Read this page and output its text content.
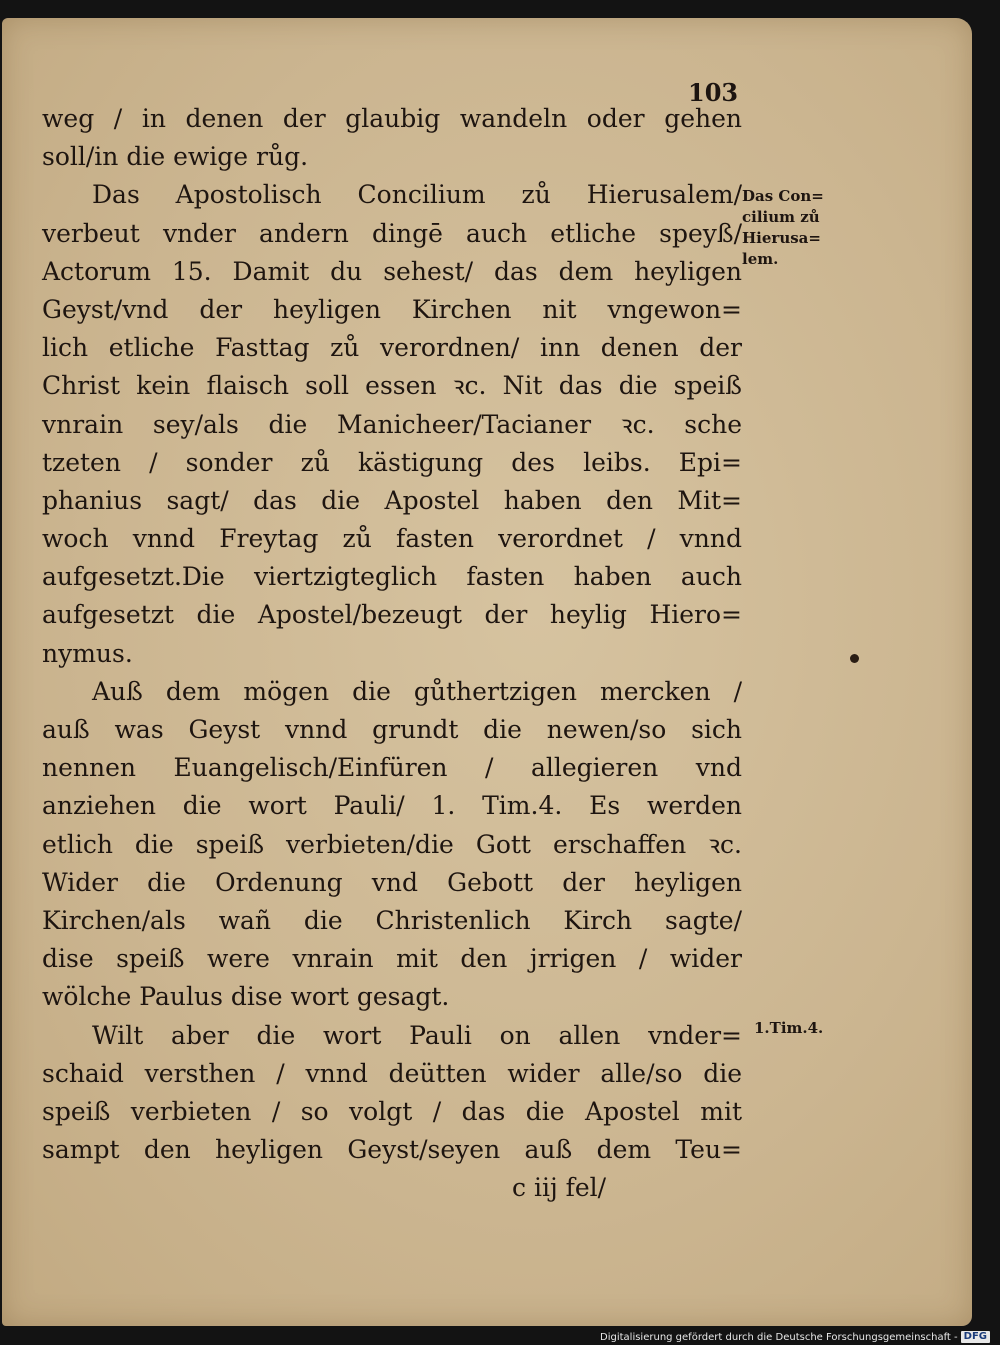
103
weg / in denen der glaubig wandeln oder gehen
soll/in die ewige růg.
Das Apostolisch Concilium zů Hierusalem/
verbeut vnder andern dingē auch etliche speyß/
Actorum 15. Damit du sehest/ das dem heyligen
Geyst/vnd der heyligen Kirchen nit vngewon=
lich etliche Fasttag zů verordnen/ inn denen der
Christ kein flaisch soll essen ꝛc. Nit das die speiß
vnrain sey/als die Manicheer/Tacianer ꝛc. sche
tzeten / sonder zů kästigung des leibs. Epi=
phanius sagt/ das die Apostel haben den Mit=
woch vnnd Freytag zů fasten verordnet / vnnd
aufgesetzt.Die viertzigteglich fasten haben auch
aufgesetzt die Apostel/bezeugt der heylig Hiero=
nymus.
Auß dem mögen die gůthertzigen mercken /
auß was Geyst vnnd grundt die newen/so sich
nennen Euangelisch/Einfüren / allegieren vnd
anziehen die wort Pauli/ 1. Tim.4. Es werden
etlich die speiß verbieten/die Gott erschaffen ꝛc.
Wider die Ordenung vnd Gebott der heyligen
Kirchen/als wañ die Christenlich Kirch sagte/
dise speiß were vnrain mit den jrrigen / wider
wölche Paulus dise wort gesagt.
Wilt aber die wort Pauli on allen vnder=
schaid versthen / vnnd deütten wider alle/so die
speiß verbieten / so volgt / das die Apostel mit
sampt den heyligen Geyst/seyen auß dem Teu=
c iij fel/
Das Con=
cilium zů
Hierusa=
lem.
1.Tim.4.
Digitalisierung gefördert durch die Deutsche Forschungsgemeinschaft - DFG
